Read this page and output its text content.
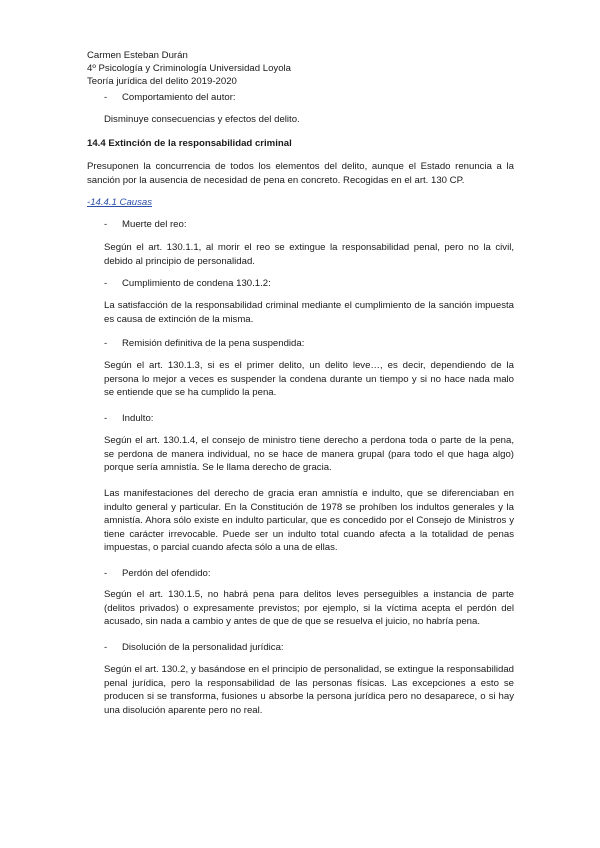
Carmen Esteban Durán
4º Psicología y Criminología Universidad Loyola
Teoría jurídica del delito 2019-2020
- Comportamiento del autor:

Disminuye consecuencias y efectos del delito.

14.4 Extinción de la responsabilidad criminal

Presuponen la concurrencia de todos los elementos del delito, aunque el Estado renuncia a la sanción por la ausencia de necesidad de pena en concreto. Recogidas en el art. 130 CP.

-14.4.1 Causas

- Muerte del reo:

Según el art. 130.1.1, al morir el reo se extingue la responsabilidad penal, pero no la civil, debido al principio de personalidad.

- Cumplimiento de condena 130.1.2:

La satisfacción de la responsabilidad criminal mediante el cumplimiento de la sanción impuesta es causa de extinción de la misma.

- Remisión definitiva de la pena suspendida:

Según el art. 130.1.3, si es el primer delito, un delito leve…, es decir, dependiendo de la persona lo mejor a veces es suspender la condena durante un tiempo y si no hace nada malo se entiende que se ha cumplido la pena.

- Indulto:

Según el art. 130.1.4, el consejo de ministro tiene derecho a perdona toda o parte de la pena, se perdona de manera individual, no se hace de manera grupal (para todo el que haga algo) porque sería amnistía. Se le llama derecho de gracia.

Las manifestaciones del derecho de gracia eran amnistía e indulto, que se diferenciaban en indulto general y particular. En la Constitución de 1978 se prohíben los indultos generales y la amnistía. Ahora sólo existe en indulto particular, que es concedido por el Consejo de Ministros y tiene carácter irrevocable. Puede ser un indulto total cuando afecta a la totalidad de penas impuestas, o parcial cuando afecta sólo a una de ellas.

- Perdón del ofendido:

Según el art. 130.1.5, no habrá pena para delitos leves perseguibles a instancia de parte (delitos privados) o expresamente previstos; por ejemplo, si la víctima acepta el perdón del acusado, sin nada a cambio y antes de que de que se resuelva el juicio, no habría pena.

- Disolución de la personalidad jurídica:

Según el art. 130.2, y basándose en el principio de personalidad, se extingue la responsabilidad penal jurídica, pero la responsabilidad de las personas físicas. Las excepciones a esto se producen si se transforma, fusiones u absorbe la persona jurídica pero no desaparece, o si hay una disolución aparente pero no real.
